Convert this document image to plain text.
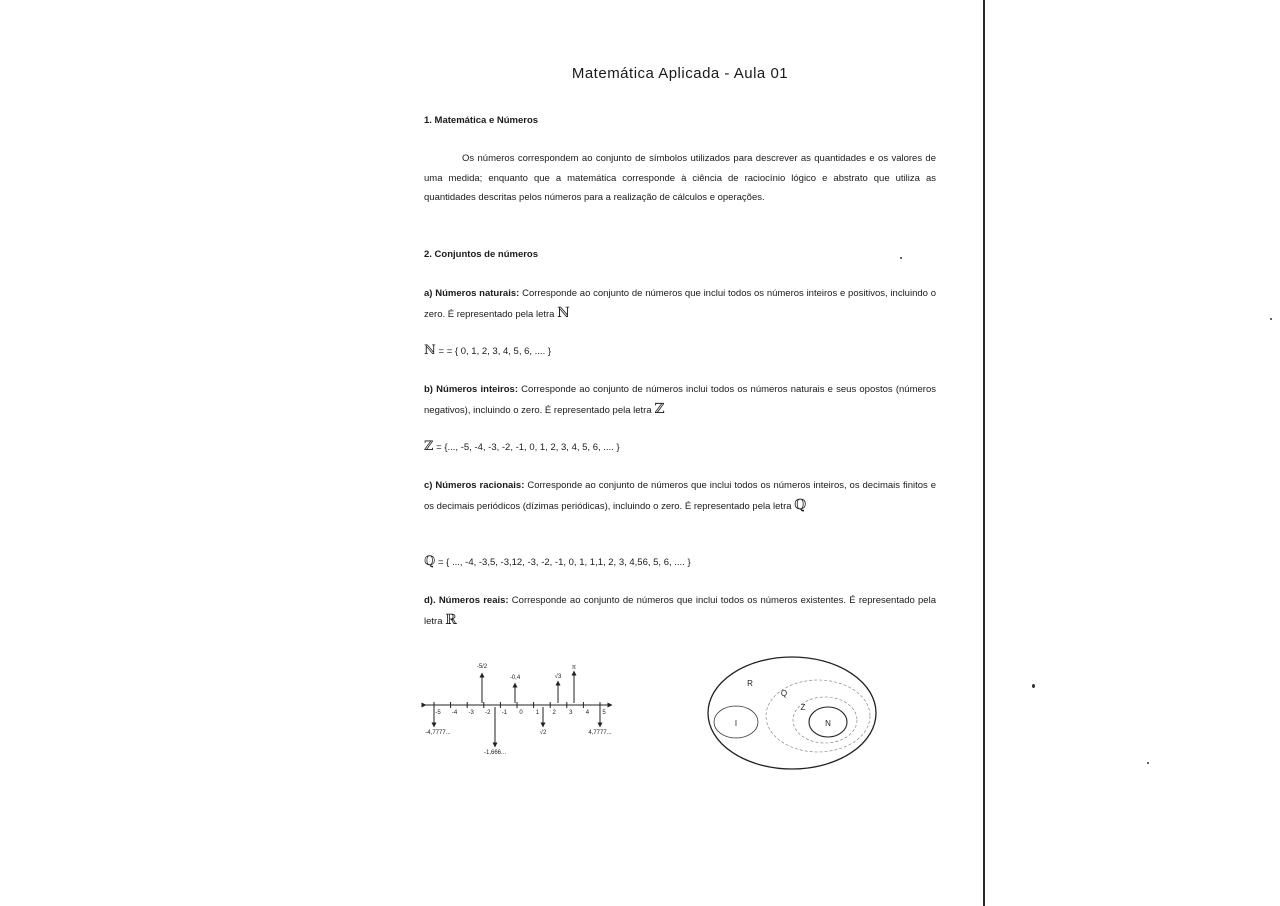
Matemática Aplicada - Aula 01
1. Matemática e Números
Os números correspondem ao conjunto de símbolos utilizados para descrever as quantidades e os valores de uma medida; enquanto que a matemática corresponde à ciência de raciocínio lógico e abstrato que utiliza as quantidades descritas pelos números para a realização de cálculos e operações.
2. Conjuntos de números
a) Números naturais: Corresponde ao conjunto de números que inclui todos os números inteiros e positivos, incluindo o zero. É representado pela letra ℕ
ℕ = = { 0, 1, 2, 3, 4, 5, 6, .... }
b) Números inteiros: Corresponde ao conjunto de números inclui todos os números naturais e seus opostos (números negativos), incluindo o zero. É representado pela letra ℤ
ℤ = {..., -5, -4, -3, -2, -1, 0, 1, 2, 3, 4, 5, 6, .... }
c) Números racionais: Corresponde ao conjunto de números que inclui todos os números inteiros, os decimais finitos e os decimais periódicos (dízimas periódicas), incluindo o zero. É representado pela letra ℚ
ℚ = { ..., -4, -3,5, -3,12, -3, -2, -1, 0, 1, 1,1, 2, 3, 4,56, 5, 6, .... }
d). Números reais: Corresponde ao conjunto de números que inclui todos os números existentes. É representado pela letra ℝ
-5 -4 -3 -2 -1 0 1 2 3 4 5
-5/2
-0,4	√3
π
-4,7777...
-1,666...
√2	4,7777...
R
Q
Z
N
I
